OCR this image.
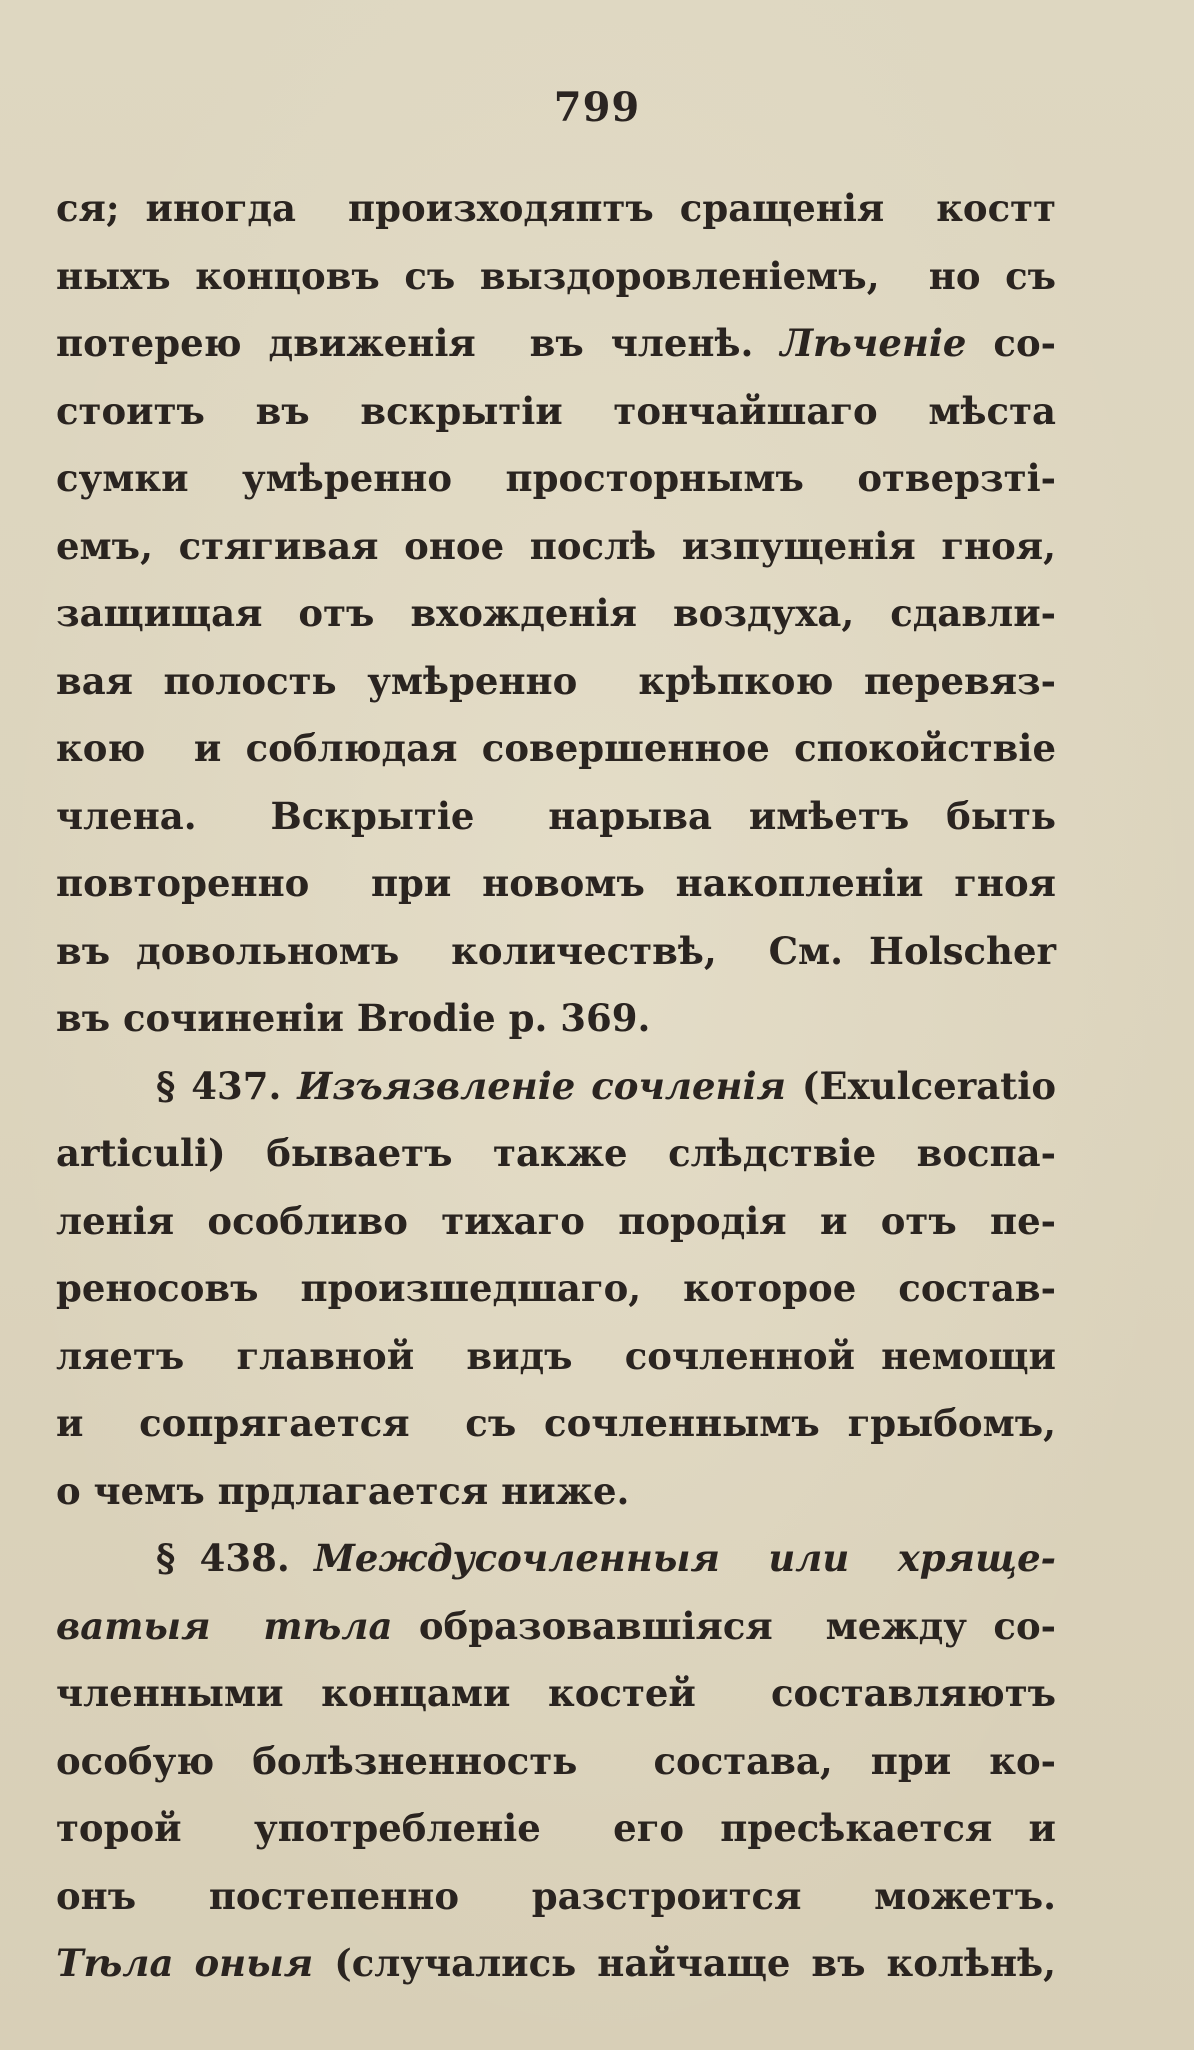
799
ся; иногда  произходяптъ сращенія  костт
ныхъ концовъ съ выздоровленіемъ,  но съ
потерею движенія  въ членѣ. Лѣченіе со-
стоитъ въ вскрытіи тончайшаго мѣста
сумки умѣренно просторнымъ отверзті-
емъ, стягивая оное послѣ изпущенія гноя,
защищая отъ вхожденія воздуха, сдавли-
вая полость умѣренно  крѣпкою перевяз-
кою  и соблюдая совершенное спокойствіе
члена.  Вскрытіе  нарыва имѣетъ быть
повторенно  при новомъ накопленіи гноя
въ довольномъ  количествѣ,  См. Holscher
въ сочиненіи Brodie p. 369.
§ 437. Изъязвленіе сочленія (Exulceratio
articuli) бываетъ также слѣдствіе воспа-
ленія особливо тихаго породія и отъ пе-
реносовъ произшедшаго, которое состав-
ляетъ  главной  видъ  сочленной немощи
и  сопрягается  съ сочленнымъ грыбомъ,
о чемъ прдлагается ниже.
§ 438. Междусочленныя  или  хряще-
ватыя  тѣла образовавшіяся  между со-
членными концами костей  составляютъ
особую болѣзненность  состава, при ко-
торой  употребленіе  его пресѣкается и
онъ  постепенно  разстроится  можетъ.
Тѣла оныя (случались найчаще въ колѣнѣ,
